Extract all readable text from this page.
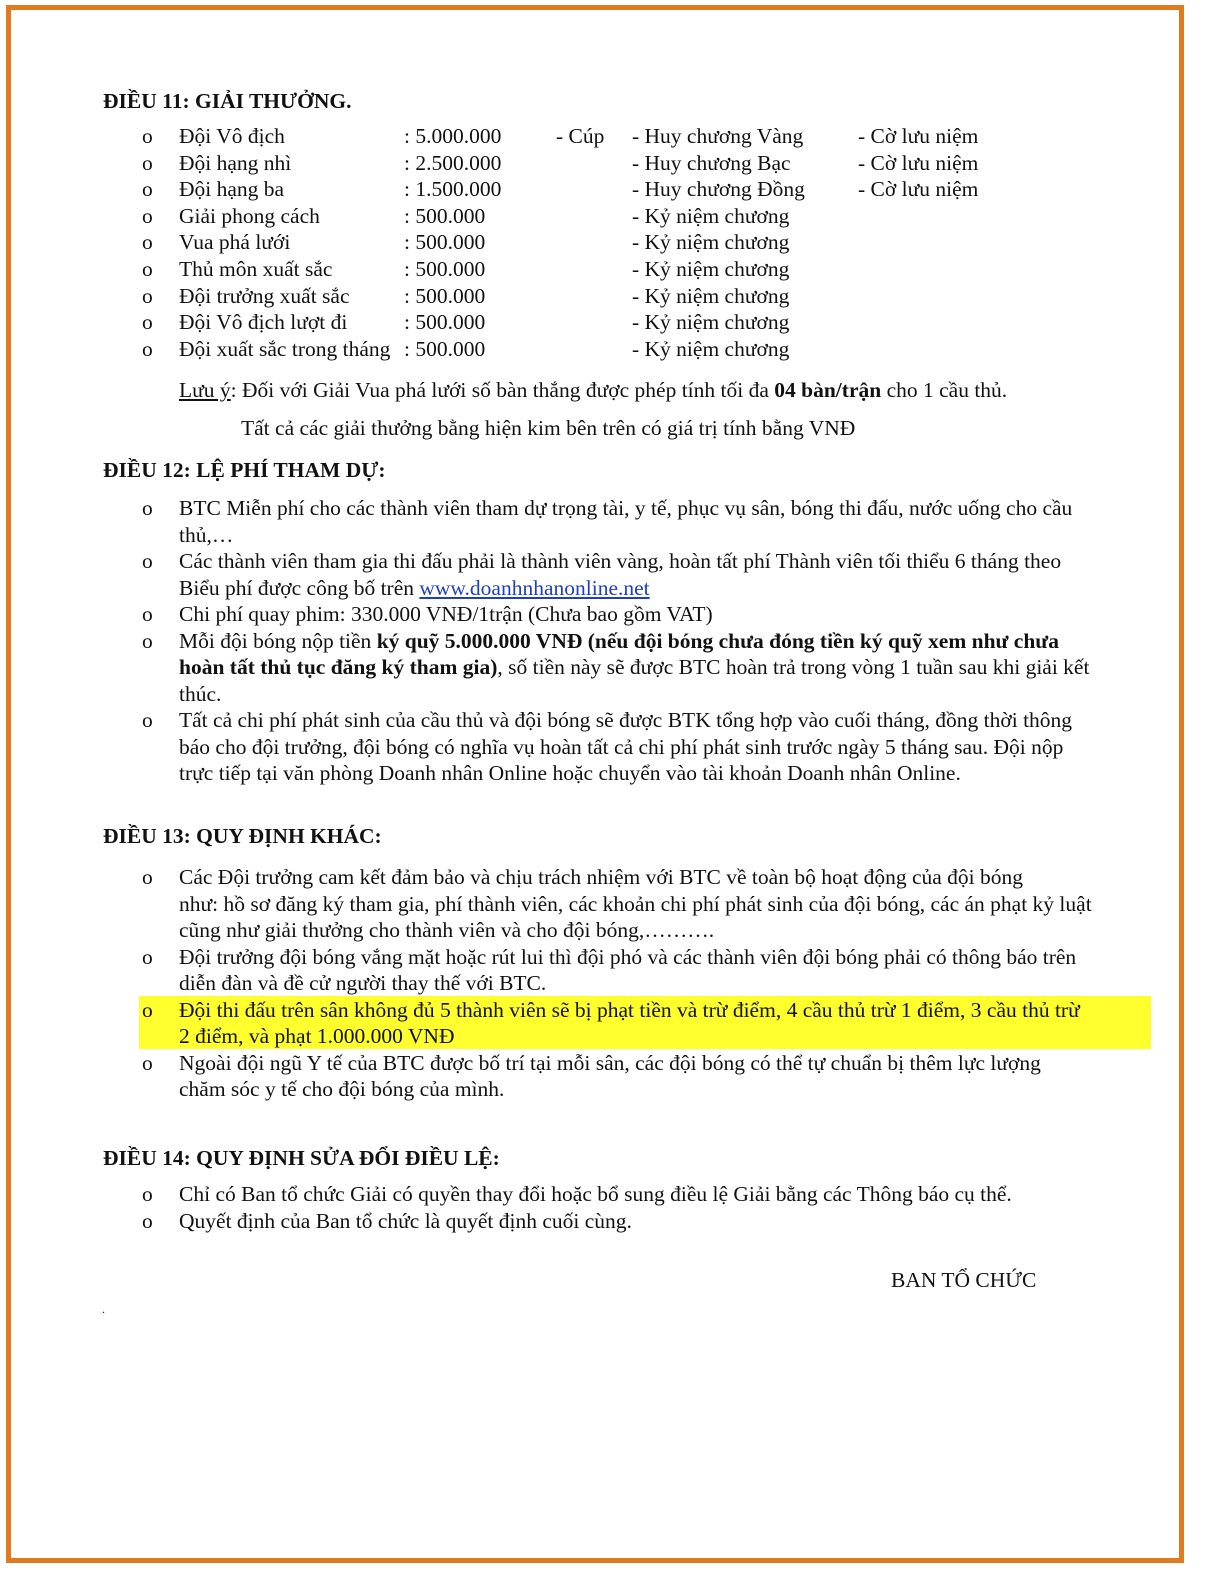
ĐIỀU 11: GIẢI THƯỞNG.
o Đội Vô địch	: 5.000.000	- Cúp - Huy chương Vàng	- Cờ lưu niệm
o Đội hạng nhì	: 2.500.000	- Huy chương Bạc	- Cờ lưu niệm
o Đội hạng ba	: 1.500.000	- Huy chương Đồng - Cờ lưu niệm
o Giải phong cách	: 500.000	- Kỷ niệm chương
o Vua phá lưới	: 500.000	- Kỷ niệm chương
o Thủ môn xuất sắc	: 500.000	- Kỷ niệm chương
o Đội trưởng xuất sắc	: 500.000	- Kỷ niệm chương
o Đội Vô địch lượt đi	: 500.000	- Kỷ niệm chương
o Đội xuất sắc trong tháng : 500.000	- Kỷ niệm chương
Lưu ý: Đối với Giải Vua phá lưới số bàn thắng được phép tính tối đa 04 bàn/trận cho 1 cầu thủ.
Tất cả các giải thưởng bằng hiện kim bên trên có giá trị tính bằng VNĐ
ĐIỀU 12: LỆ PHÍ THAM DỰ:
o BTC Miễn phí cho các thành viên tham dự trọng tài, y tế, phục vụ sân, bóng thi đấu, nước uống cho cầu
thủ,…
o Các thành viên tham gia thi đấu phải là thành viên vàng, hoàn tất phí Thành viên tối thiểu 6 tháng theo
Biểu phí được công bố trên www.doanhnhanonline.net
o Chi phí quay phim: 330.000 VNĐ/1trận (Chưa bao gồm VAT)
o Mỗi đội bóng nộp tiền ký quỹ 5.000.000 VNĐ (nếu đội bóng chưa đóng tiền ký quỹ xem như chưa
hoàn tất thủ tục đăng ký tham gia), số tiền này sẽ được BTC hoàn trả trong vòng 1 tuần sau khi giải kết
thúc.
o Tất cả chi phí phát sinh của cầu thủ và đội bóng sẽ được BTK tổng hợp vào cuối tháng, đồng thời thông
báo cho đội trưởng, đội bóng có nghĩa vụ hoàn tất cả chi phí phát sinh trước ngày 5 tháng sau. Đội nộp
trực tiếp tại văn phòng Doanh nhân Online hoặc chuyển vào tài khoản Doanh nhân Online.
ĐIỀU 13: QUY ĐỊNH KHÁC:
o Các Đội trưởng cam kết đảm bảo và chịu trách nhiệm với BTC về toàn bộ hoạt động của đội bóng
như: hồ sơ đăng ký tham gia, phí thành viên, các khoản chi phí phát sinh của đội bóng, các án phạt kỷ luật
cũng như giải thưởng cho thành viên và cho đội bóng,……….
o Đội trưởng đội bóng vắng mặt hoặc rút lui thì đội phó và các thành viên đội bóng phải có thông báo trên
diễn đàn và đề cử người thay thế với BTC.
o Đội thi đấu trên sân không đủ 5 thành viên sẽ bị phạt tiền và trừ điểm, 4 cầu thủ trừ 1 điểm, 3 cầu thủ trừ
2 điểm, và phạt 1.000.000 VNĐ
o Ngoài đội ngũ Y tế của BTC được bố trí tại mỗi sân, các đội bóng có thể tự chuẩn bị thêm lực lượng
chăm sóc y tế cho đội bóng của mình.
ĐIỀU 14: QUY ĐỊNH SỬA ĐỔI ĐIỀU LỆ:
o Chỉ có Ban tổ chức Giải có quyền thay đổi hoặc bổ sung điều lệ Giải bằng các Thông báo cụ thể.
o Quyết định của Ban tổ chức là quyết định cuối cùng.
BAN TỔ CHỨC
.
